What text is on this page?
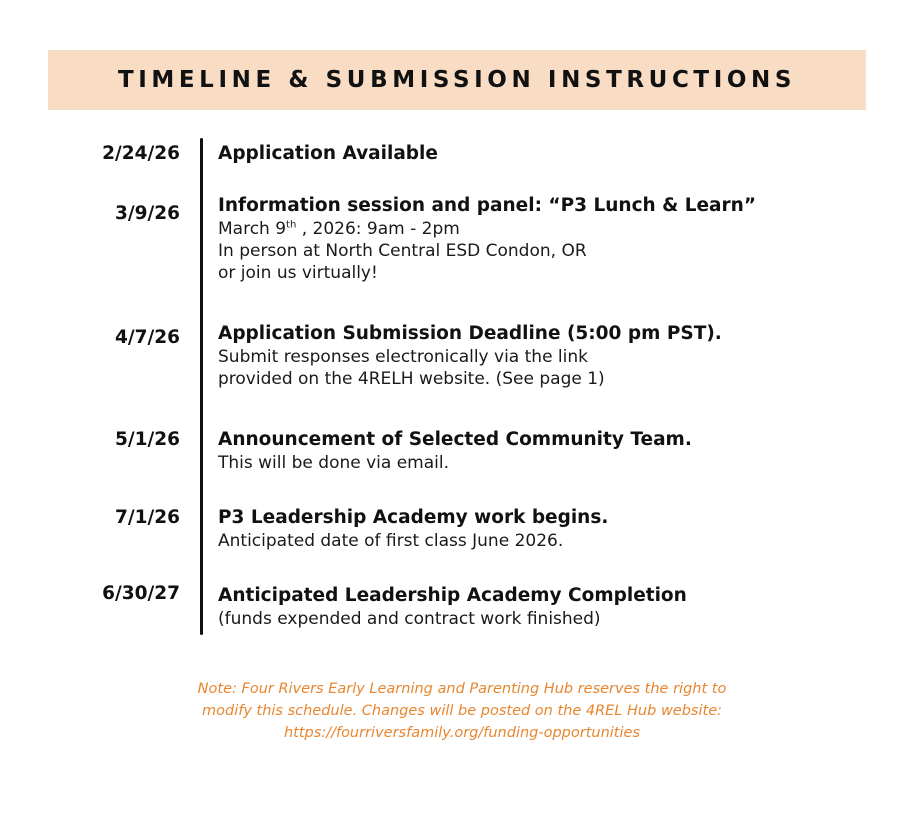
TIMELINE & SUBMISSION INSTRUCTIONS
2/24/26 Application Available
3/9/26 Information session and panel: “P3 Lunch & Learn”
March 9th , 2026: 9am - 2pm
In person at North Central ESD Condon, OR
or join us virtually!
4/7/26 Application Submission Deadline (5:00 pm PST).
Submit responses electronically via the link
provided on the 4RELH website. (See page 1)
5/1/26 Announcement of Selected Community Team.
This will be done via email.
7/1/26 P3 Leadership Academy work begins.
Anticipated date of first class June 2026.
6/30/27 Anticipated Leadership Academy Completion
(funds expended and contract work finished)
Note: Four Rivers Early Learning and Parenting Hub reserves the right to
modify this schedule. Changes will be posted on the 4REL Hub website:
https://fourriversfamily.org/funding-opportunities
